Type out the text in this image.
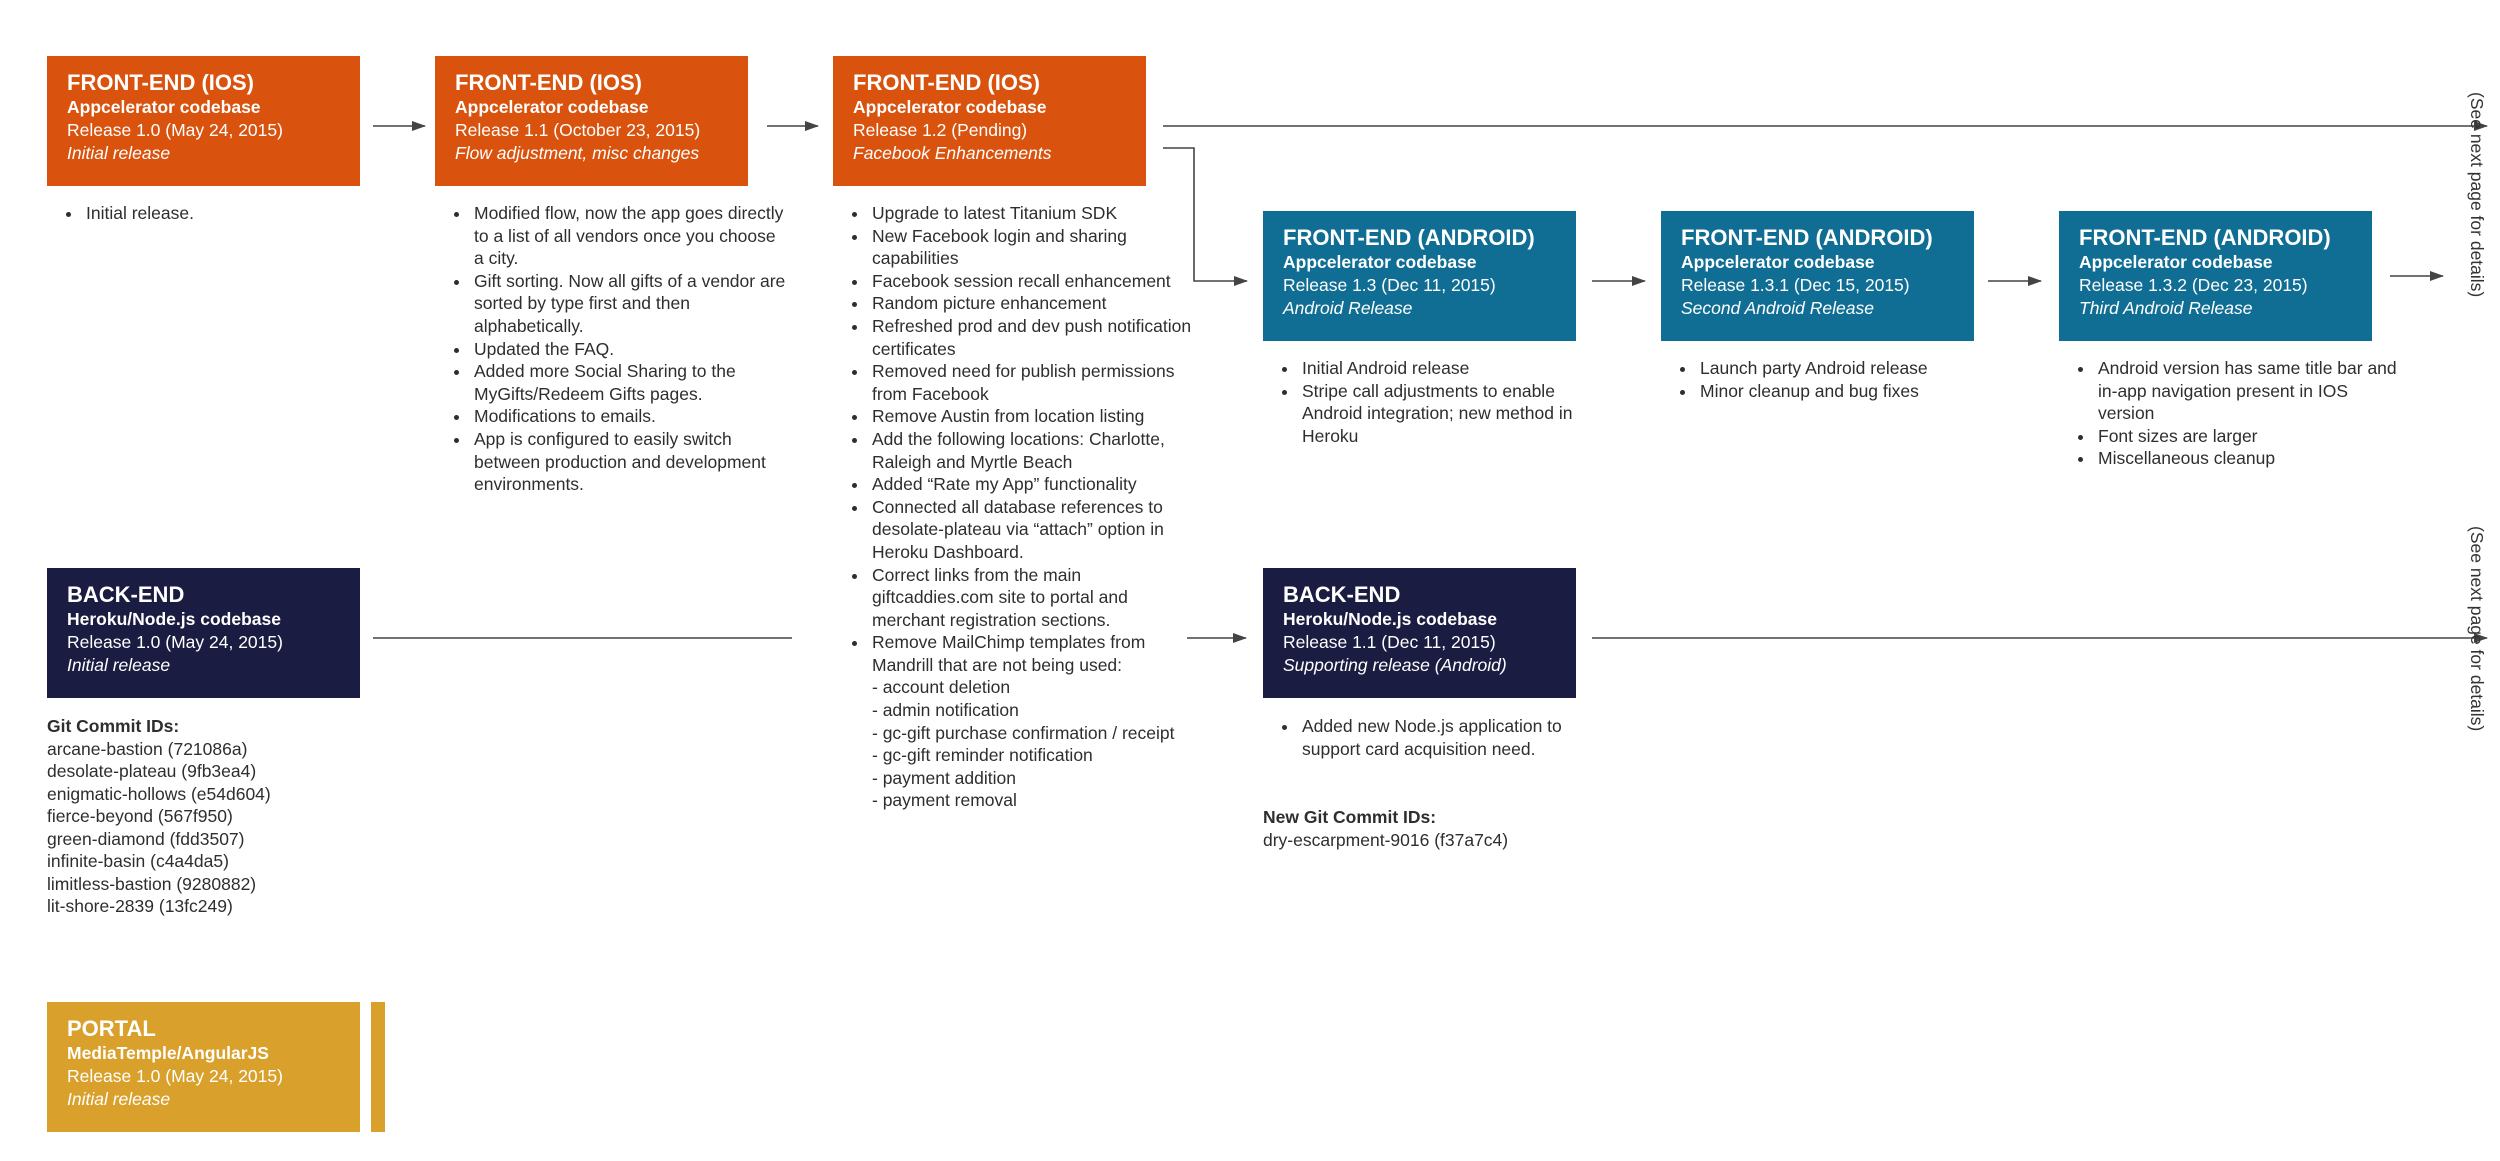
FRONT-END (IOS)
Appcelerator codebase
Release 1.0 (May 24, 2015)
Initial release
• Initial release.
FRONT-END (IOS)
Appcelerator codebase
Release 1.1 (October 23, 2015)
Flow adjustment, misc changes
• Modified flow, now the app goes directly to a list of all vendors once you choose a city.
• Gift sorting. Now all gifts of a vendor are sorted by type first and then alphabetically.
• Updated the FAQ.
• Added more Social Sharing to the MyGifts/Redeem Gifts pages.
• Modifications to emails.
• App is configured to easily switch between production and development environments.
FRONT-END (IOS)
Appcelerator codebase
Release 1.2 (Pending)
Facebook Enhancements
• Upgrade to latest Titanium SDK
• New Facebook login and sharing capabilities
• Facebook session recall enhancement
• Random picture enhancement
• Refreshed prod and dev push notification certificates
• Removed need for publish permissions from Facebook
• Remove Austin from location listing
• Add the following locations: Charlotte, Raleigh and Myrtle Beach
• Added “Rate my App” functionality
• Connected all database references to desolate-plateau via “attach” option in Heroku Dashboard.
• Correct links from the main giftcaddies.com site to portal and merchant registration sections.
• Remove MailChimp templates from Mandrill that are not being used:
- account deletion
- admin notification
- gc-gift purchase confirmation / receipt
- gc-gift reminder notification
- payment addition
- payment removal
FRONT-END (ANDROID)
Appcelerator codebase
Release 1.3 (Dec 11, 2015)
Android Release
• Initial Android release
• Stripe call adjustments to enable Android integration; new method in Heroku
FRONT-END (ANDROID)
Appcelerator codebase
Release 1.3.1 (Dec 15, 2015)
Second Android Release
• Launch party Android release
• Minor cleanup and bug fixes
FRONT-END (ANDROID)
Appcelerator codebase
Release 1.3.2 (Dec 23, 2015)
Third Android Release
• Android version has same title bar and in-app navigation present in IOS version
• Font sizes are larger
• Miscellaneous cleanup
BACK-END
Heroku/Node.js codebase
Release 1.0 (May 24, 2015)
Initial release
Git Commit IDs:
arcane-bastion (721086a)
desolate-plateau (9fb3ea4)
enigmatic-hollows (e54d604)
fierce-beyond (567f950)
green-diamond (fdd3507)
infinite-basin (c4a4da5)
limitless-bastion (9280882)
lit-shore-2839 (13fc249)
BACK-END
Heroku/Node.js codebase
Release 1.1 (Dec 11, 2015)
Supporting release (Android)
• Added new Node.js application to support card acquisition need.
New Git Commit IDs:
dry-escarpment-9016 (f37a7c4)
PORTAL
MediaTemple/AngularJS
Release 1.0 (May 24, 2015)
Initial release
(See next page for details)
(See next page for details)
